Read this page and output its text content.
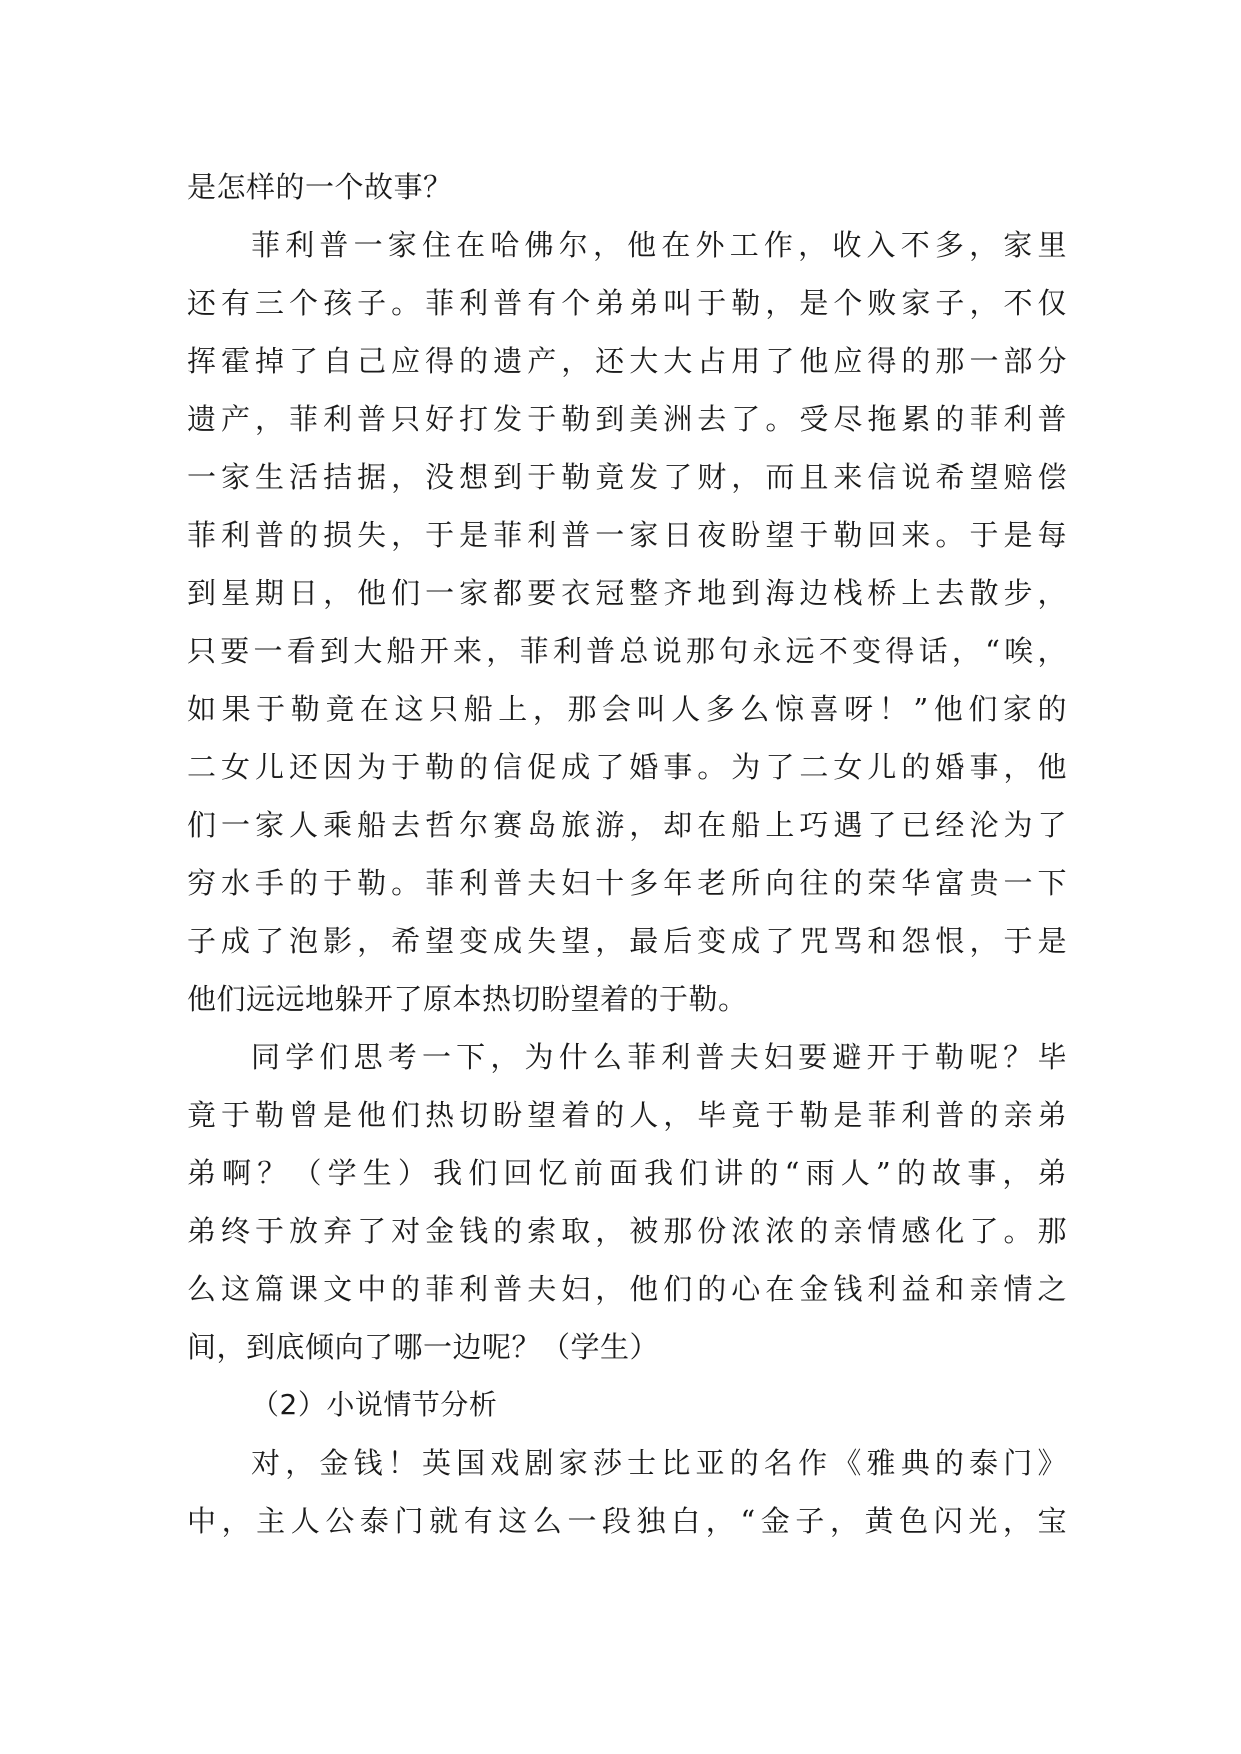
是怎样的一个故事？
菲利普一家住在哈佛尔，他在外工作，收入不多，家里
还有三个孩子。菲利普有个弟弟叫于勒，是个败家子，不仅
挥霍掉了自己应得的遗产，还大大占用了他应得的那一部分
遗产，菲利普只好打发于勒到美洲去了。受尽拖累的菲利普
一家生活拮据，没想到于勒竟发了财，而且来信说希望赔偿
菲利普的损失，于是菲利普一家日夜盼望于勒回来。于是每
到星期日，他们一家都要衣冠整齐地到海边栈桥上去散步，
只要一看到大船开来，菲利普总说那句永远不变得话，“唉，
如果于勒竟在这只船上，那会叫人多么惊喜呀！”他们家的
二女儿还因为于勒的信促成了婚事。为了二女儿的婚事，他
们一家人乘船去哲尔赛岛旅游，却在船上巧遇了已经沦为了
穷水手的于勒。菲利普夫妇十多年老所向往的荣华富贵一下
子成了泡影，希望变成失望，最后变成了咒骂和怨恨，于是
他们远远地躲开了原本热切盼望着的于勒。
同学们思考一下，为什么菲利普夫妇要避开于勒呢？毕
竟于勒曾是他们热切盼望着的人，毕竟于勒是菲利普的亲弟
弟啊？（学生）我们回忆前面我们讲的“雨人”的故事，弟
弟终于放弃了对金钱的索取，被那份浓浓的亲情感化了。那
么这篇课文中的菲利普夫妇，他们的心在金钱利益和亲情之
间，到底倾向了哪一边呢？（学生）
（2）小说情节分析
对，金钱！英国戏剧家莎士比亚的名作《雅典的泰门》
中，主人公泰门就有这么一段独白，“金子，黄色闪光，宝
